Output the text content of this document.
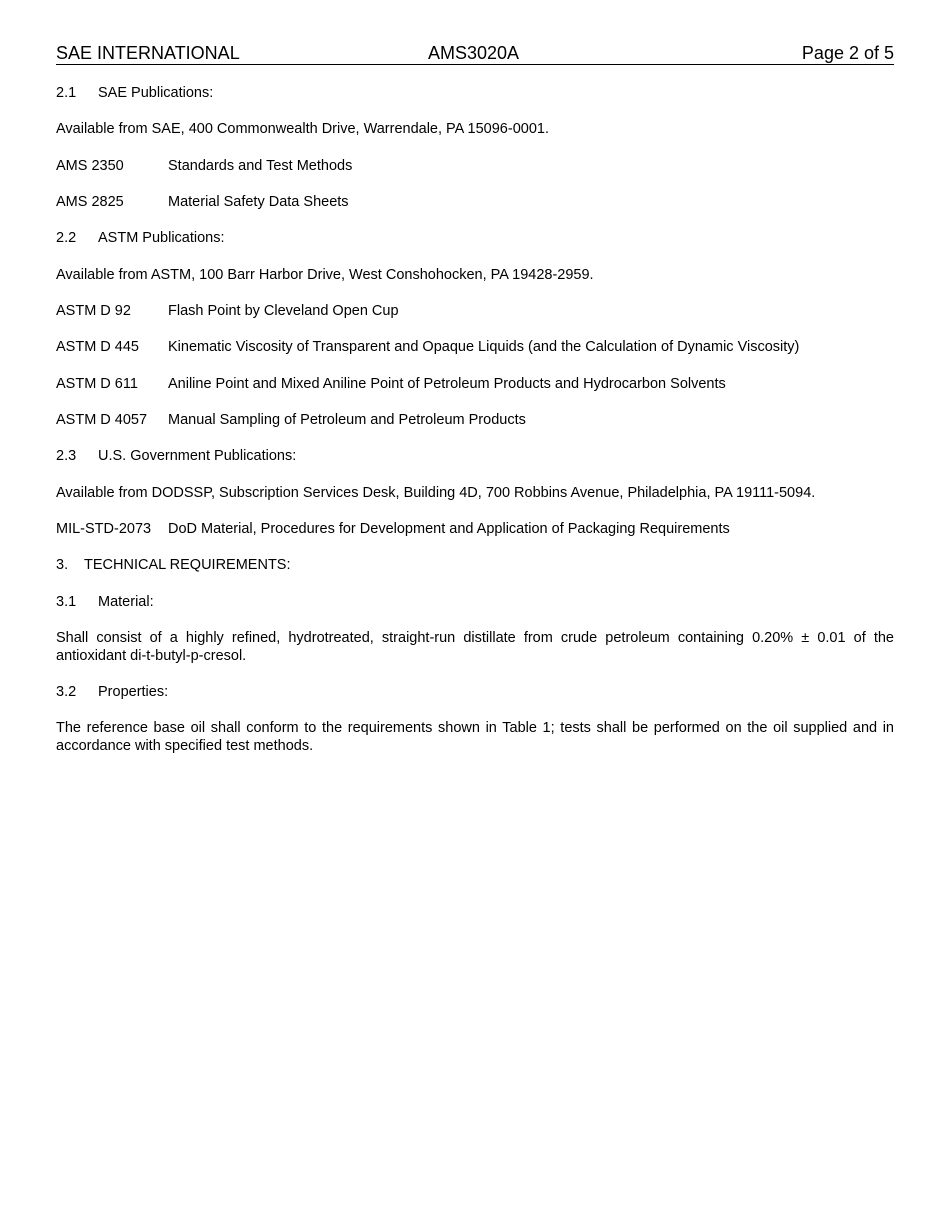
SAE INTERNATIONAL	AMS3020A	Page 2 of 5
2.1 SAE Publications:
Available from SAE, 400 Commonwealth Drive, Warrendale, PA 15096-0001.
AMS 2350	Standards and Test Methods
AMS 2825	Material Safety Data Sheets
2.2 ASTM Publications:
Available from ASTM, 100 Barr Harbor Drive, West Conshohocken, PA 19428-2959.
ASTM D 92	Flash Point by Cleveland Open Cup
ASTM D 445 Kinematic Viscosity of Transparent and Opaque Liquids (and the Calculation of Dynamic Viscosity)
ASTM D 611 Aniline Point and Mixed Aniline Point of Petroleum Products and Hydrocarbon Solvents
ASTM D 4057 Manual Sampling of Petroleum and Petroleum Products
2.3 U.S. Government Publications:
Available from DODSSP, Subscription Services Desk, Building 4D, 700 Robbins Avenue, Philadelphia, PA 19111-5094.
MIL-STD-2073 DoD Material, Procedures for Development and Application of Packaging Requirements
3. TECHNICAL REQUIREMENTS:
3.1 Material:
Shall consist of a highly refined, hydrotreated, straight-run distillate from crude petroleum containing 0.20% ± 0.01 of the antioxidant di-t-butyl-p-cresol.
3.2 Properties:
The reference base oil shall conform to the requirements shown in Table 1; tests shall be performed on the oil supplied and in accordance with specified test methods.
